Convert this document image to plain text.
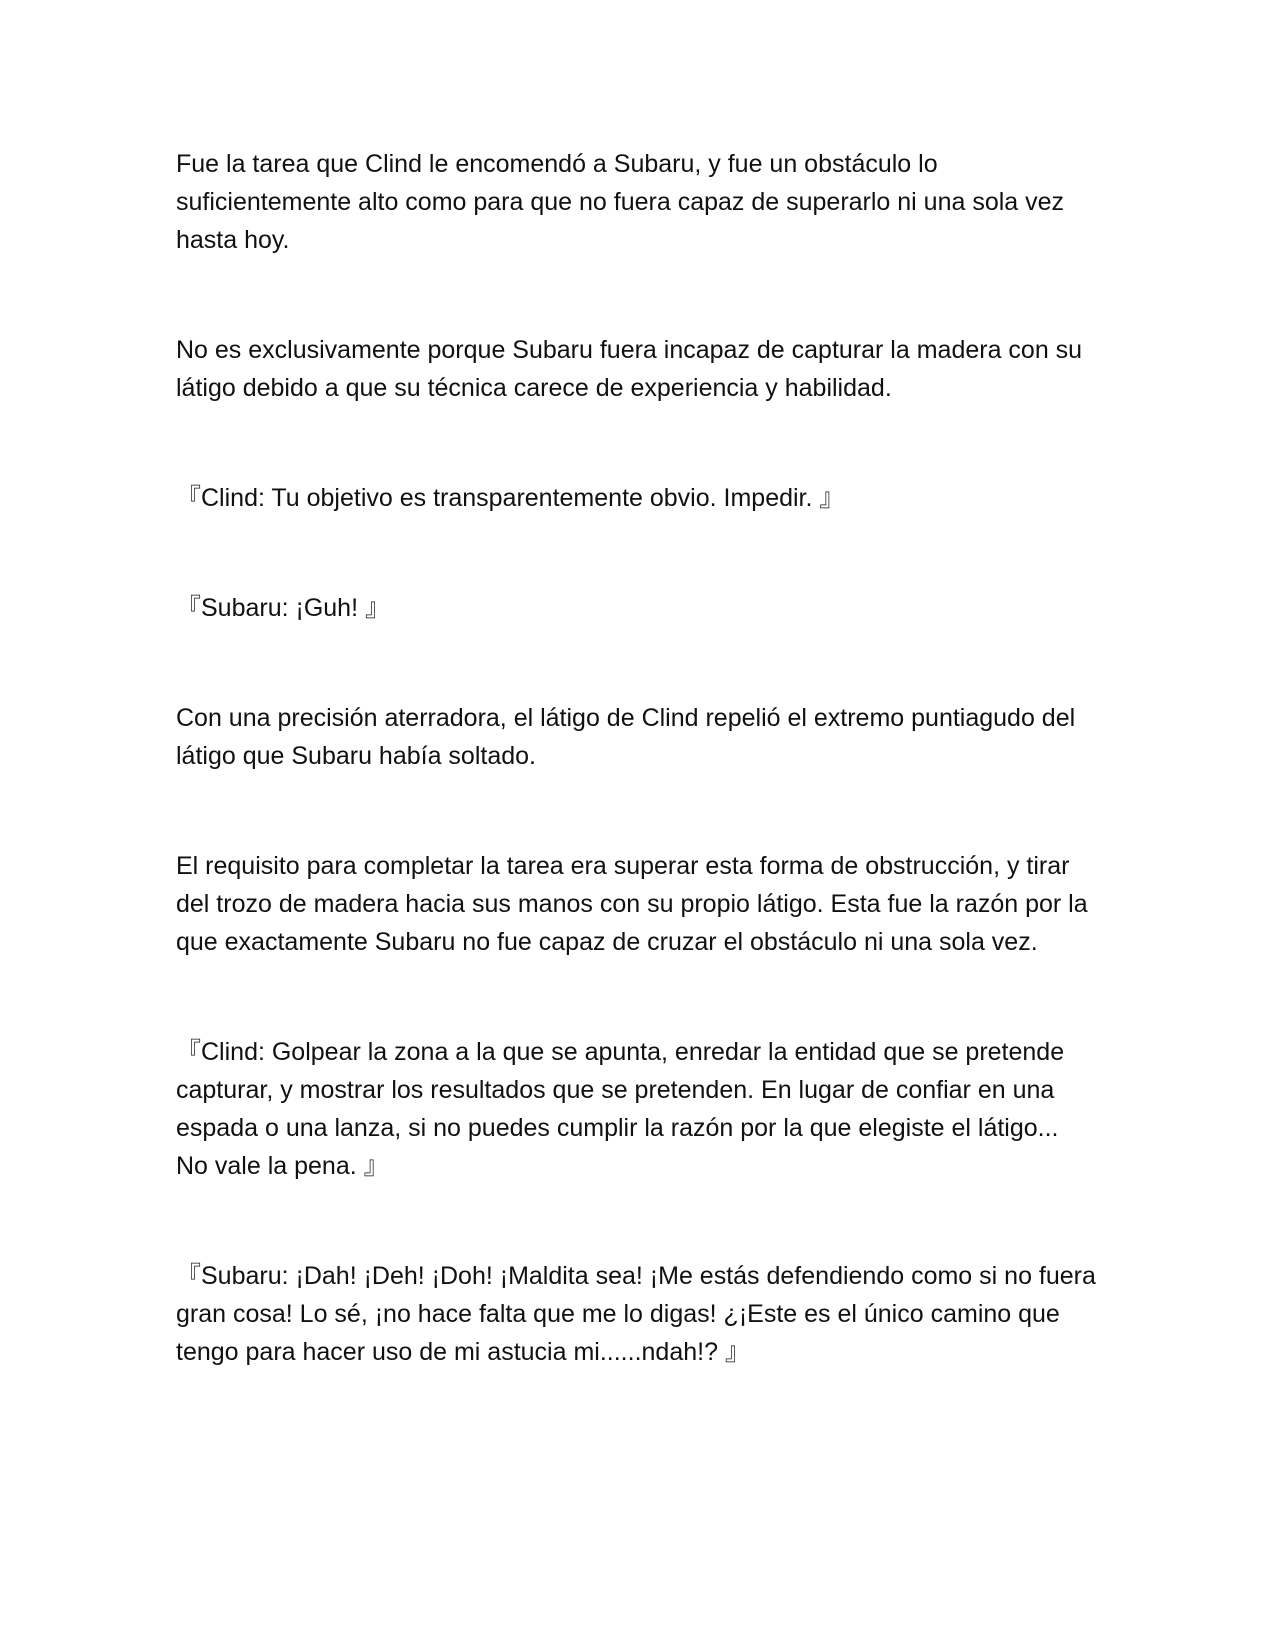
Fue la tarea que Clind le encomendó a Subaru, y fue un obstáculo lo suficientemente alto como para que no fuera capaz de superarlo ni una sola vez hasta hoy.

No es exclusivamente porque Subaru fuera incapaz de capturar la madera con su látigo debido a que su técnica carece de experiencia y habilidad.

『Clind: Tu objetivo es transparentemente obvio. Impedir. 』

『Subaru: ¡Guh! 』

Con una precisión aterradora, el látigo de Clind repelió el extremo puntiagudo del látigo que Subaru había soltado.

El requisito para completar la tarea era superar esta forma de obstrucción, y tirar del trozo de madera hacia sus manos con su propio látigo. Esta fue la razón por la que exactamente Subaru no fue capaz de cruzar el obstáculo ni una sola vez.

『Clind: Golpear la zona a la que se apunta, enredar la entidad que se pretende capturar, y mostrar los resultados que se pretenden. En lugar de confiar en una espada o una lanza, si no puedes cumplir la razón por la que elegiste el látigo... No vale la pena. 』

『Subaru: ¡Dah! ¡Deh! ¡Doh! ¡Maldita sea! ¡Me estás defendiendo como si no fuera gran cosa! Lo sé, ¡no hace falta que me lo digas! ¿¡Este es el único camino que tengo para hacer uso de mi astucia mi......ndah!? 』
